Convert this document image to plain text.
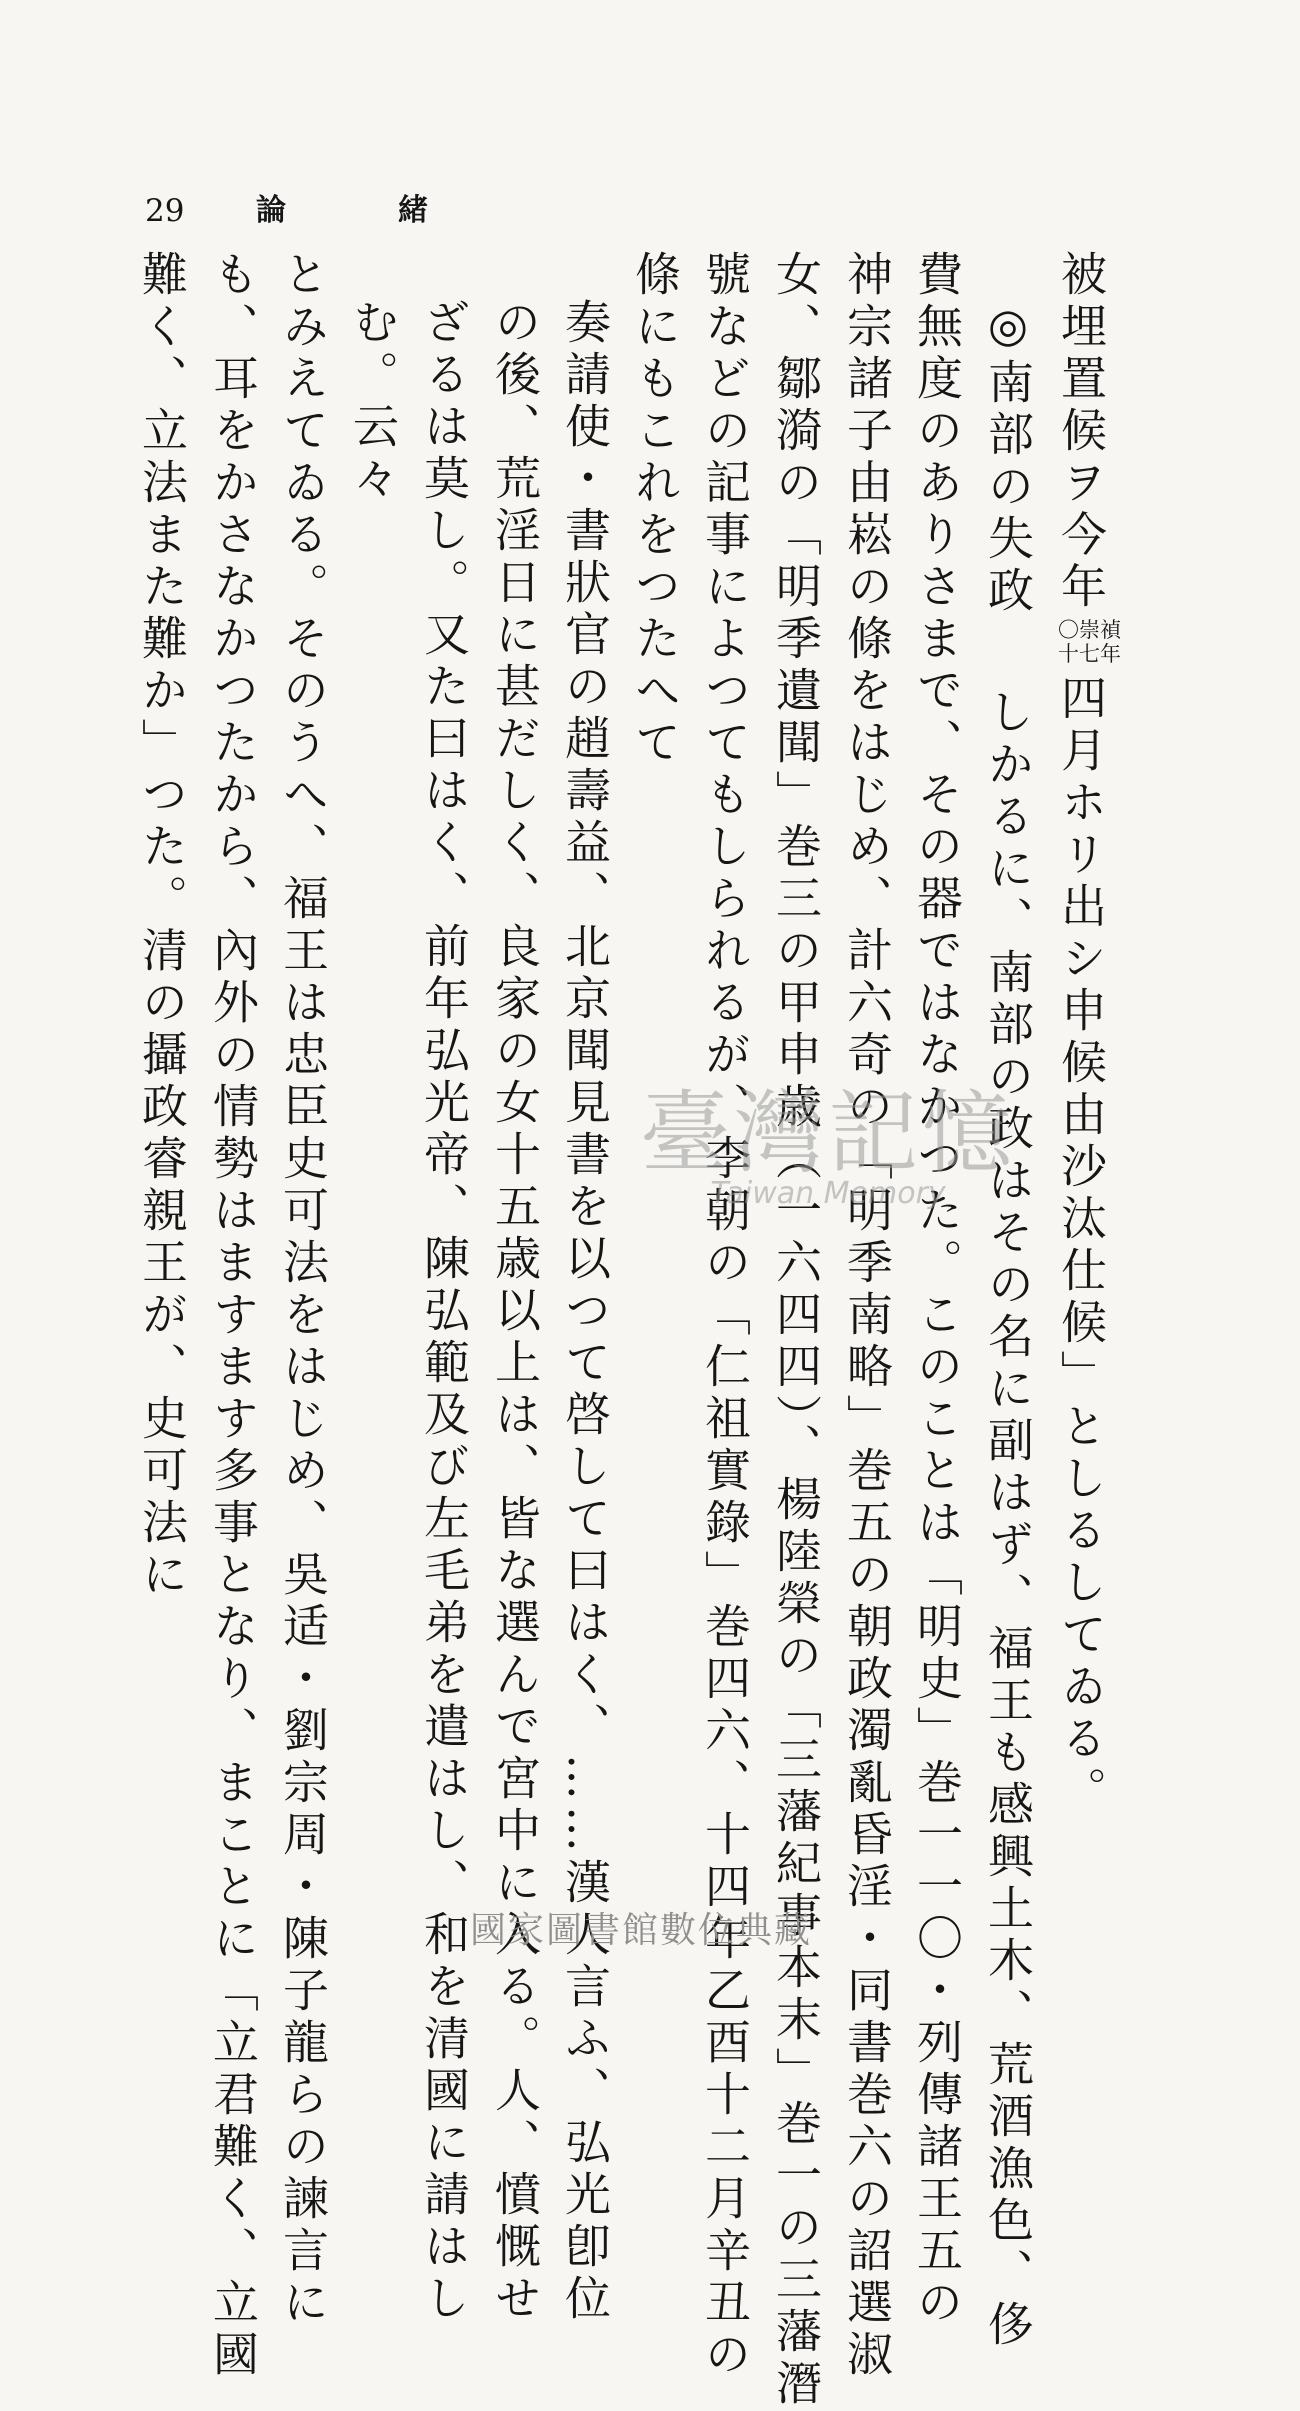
29 論	緒
被埋置候ヲ今年
〇崇禎
十七年
四月ホリ出シ申候由沙汰仕候」としるしてゐる。
◎南部の失政しかるに、南部の政はその名に副はず、福王も感興土木、荒酒漁色、侈
費無度のありさまで、その器ではなかつた。このことは「明史」巻一一〇・列傳諸王五の
神宗諸子由崧の條をはじめ、計六奇の「明季南略」巻五の朝政濁亂昏淫・同書巻六の詔選淑
女、鄒漪の「明季遺聞」巻三の甲申歳（一六四四）、楊陸榮の「三藩紀事本末」巻一の三藩潛
號などの記事によつてもしられるが、李朝の「仁祖實錄」巻四六、十四年乙酉十二月辛丑の
條にもこれをつたへて
奏請使・書狀官の趙壽益、北京聞見書を以つて啓して曰はく、……漢人言ふ、弘光卽位
の後、荒淫日に甚だしく、良家の女十五歳以上は、皆な選んで宮中に入る。人、憤慨せ
ざるは莫し。又た曰はく、前年弘光帝、陳弘範及び左毛弟を遣はし、和を清國に請はし
む。云々
とみえてゐる。そのうへ、福王は忠臣史可法をはじめ、吳适・劉宗周・陳子龍らの諫言に
も、耳をかさなかつたから、內外の情勢はますます多事となり、まことに「立君難く、立國
難く、立法また難か」つた。清の攝政睿親王が、史可法に	臺灣記憶
Taiwan Memory
國家圖書館數位典藏
